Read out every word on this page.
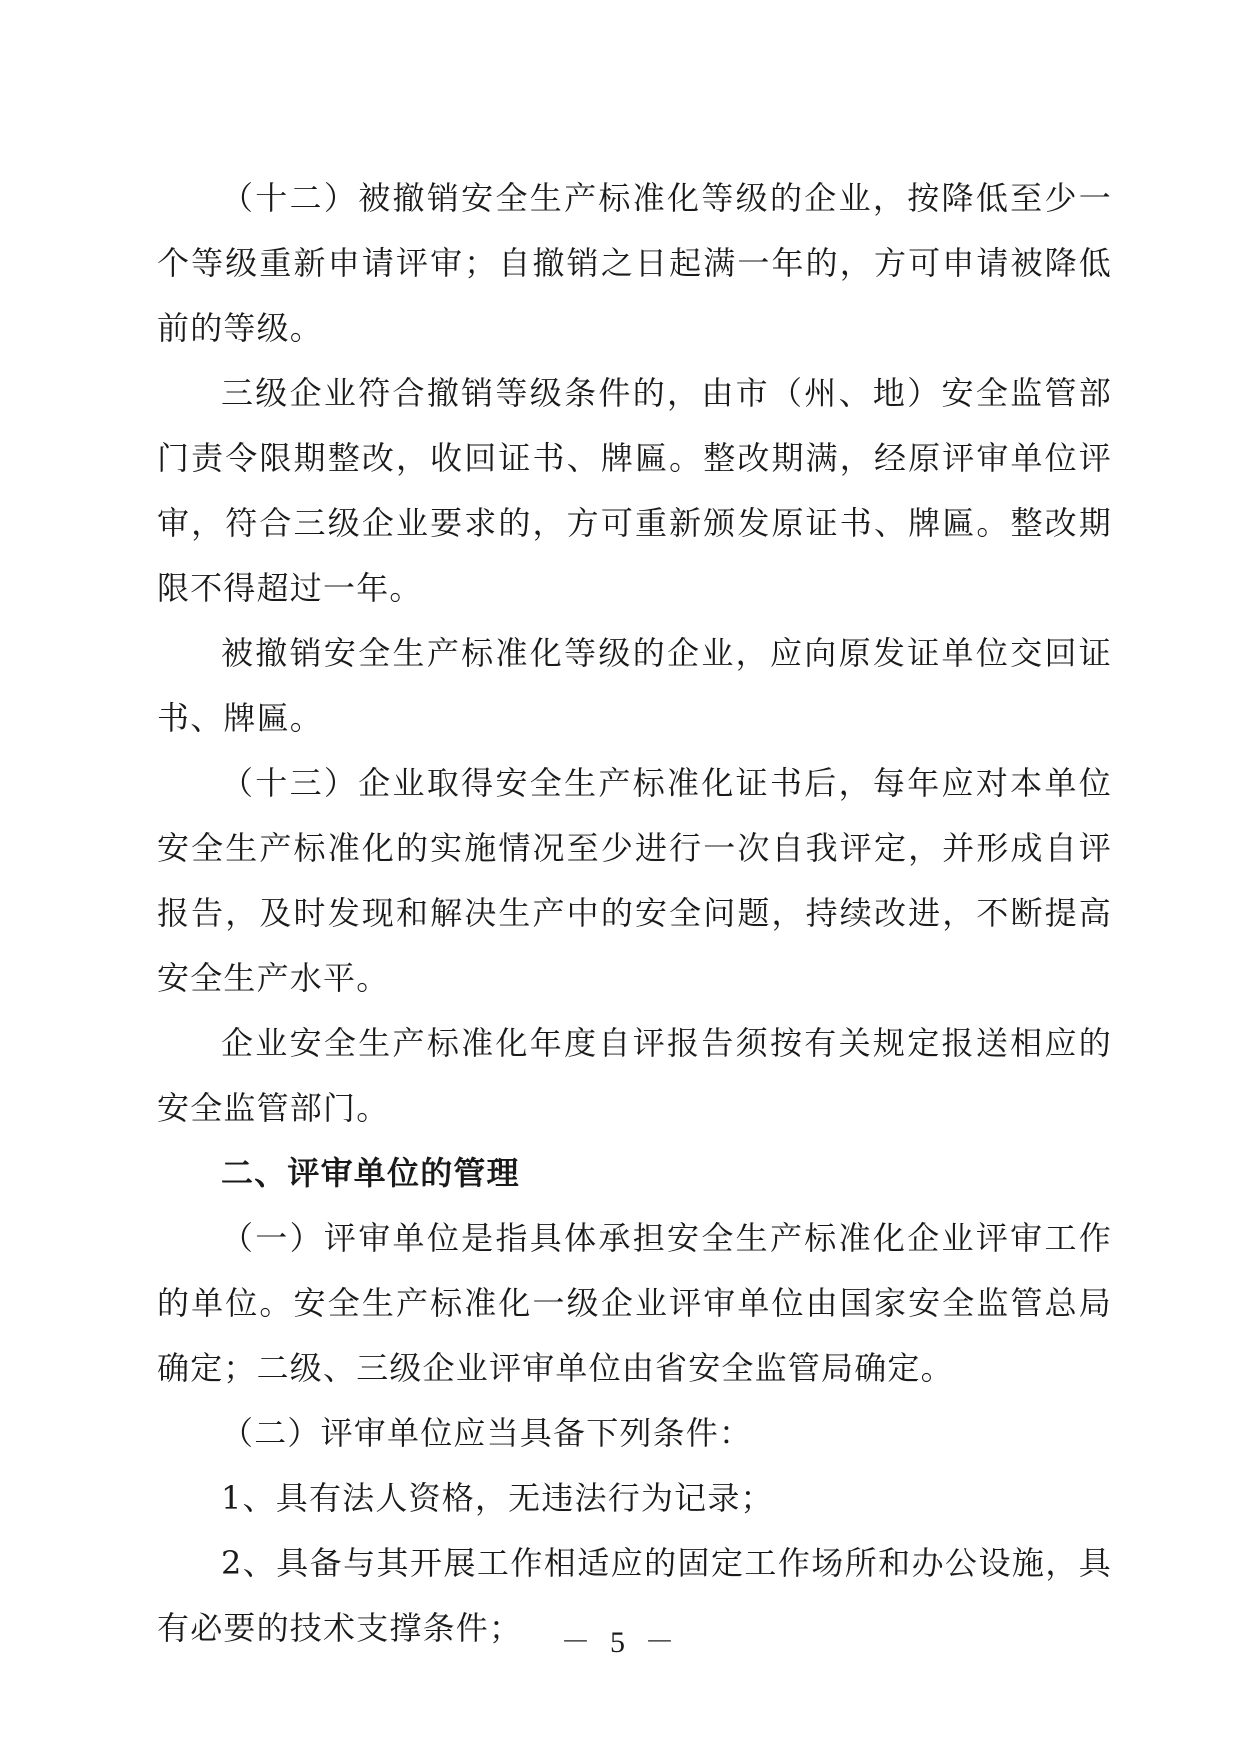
（十二）被撤销安全生产标准化等级的企业，按降低至少一个等级重新申请评审；自撤销之日起满一年的，方可申请被降低前的等级。

三级企业符合撤销等级条件的，由市（州、地）安全监管部门责令限期整改，收回证书、牌匾。整改期满，经原评审单位评审，符合三级企业要求的，方可重新颁发原证书、牌匾。整改期限不得超过一年。

被撤销安全生产标准化等级的企业，应向原发证单位交回证书、牌匾。

（十三）企业取得安全生产标准化证书后，每年应对本单位安全生产标准化的实施情况至少进行一次自我评定，并形成自评报告，及时发现和解决生产中的安全问题，持续改进，不断提高安全生产水平。

企业安全生产标准化年度自评报告须按有关规定报送相应的安全监管部门。

二、评审单位的管理

（一）评审单位是指具体承担安全生产标准化企业评审工作的单位。安全生产标准化一级企业评审单位由国家安全监管总局确定；二级、三级企业评审单位由省安全监管局确定。

（二）评审单位应当具备下列条件：

1、具有法人资格，无违法行为记录；

2、具备与其开展工作相适应的固定工作场所和办公设施，具有必要的技术支撑条件；	－ 5 －
